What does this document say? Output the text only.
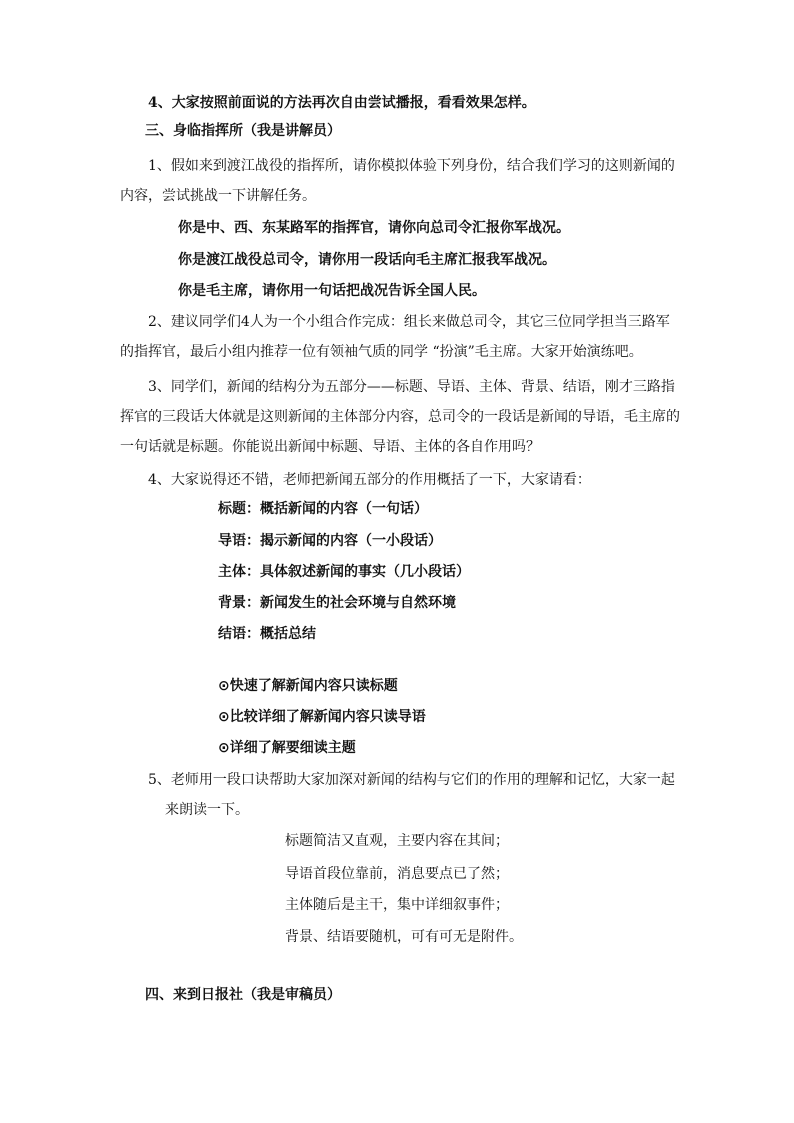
4、大家按照前面说的方法再次自由尝试播报，看看效果怎样。
三、身临指挥所（我是讲解员）
1、假如来到渡江战役的指挥所，请你模拟体验下列身份，结合我们学习的这则新闻的
内容，尝试挑战一下讲解任务。
你是中、西、东某路军的指挥官，请你向总司令汇报你军战况。
你是渡江战役总司令，请你用一段话向毛主席汇报我军战况。
你是毛主席，请你用一句话把战况告诉全国人民。
2、建议同学们4人为一个小组合作完成：组长来做总司令，其它三位同学担当三路军
的指挥官，最后小组内推荐一位有领袖气质的同学 “扮演”毛主席。大家开始演练吧。
3、同学们，新闻的结构分为五部分——标题、导语、主体、背景、结语，刚才三路指
挥官的三段话大体就是这则新闻的主体部分内容，总司令的一段话是新闻的导语，毛主席的
一句话就是标题。你能说出新闻中标题、导语、主体的各自作用吗？
4、大家说得还不错，老师把新闻五部分的作用概括了一下，大家请看：
标题：概括新闻的内容（一句话）
导语：揭示新闻的内容（一小段话）
主体：具体叙述新闻的事实（几小段话）
背景：新闻发生的社会环境与自然环境
结语：概括总结
⊙快速了解新闻内容只读标题
⊙比较详细了解新闻内容只读导语
⊙详细了解要细读主题
5、老师用一段口诀帮助大家加深对新闻的结构与它们的作用的理解和记忆，大家一起
来朗读一下。
标题简洁又直观，主要内容在其间；
导语首段位靠前，消息要点已了然；
主体随后是主干，集中详细叙事件；
背景、结语要随机，可有可无是附件。
四、来到日报社（我是审稿员）
